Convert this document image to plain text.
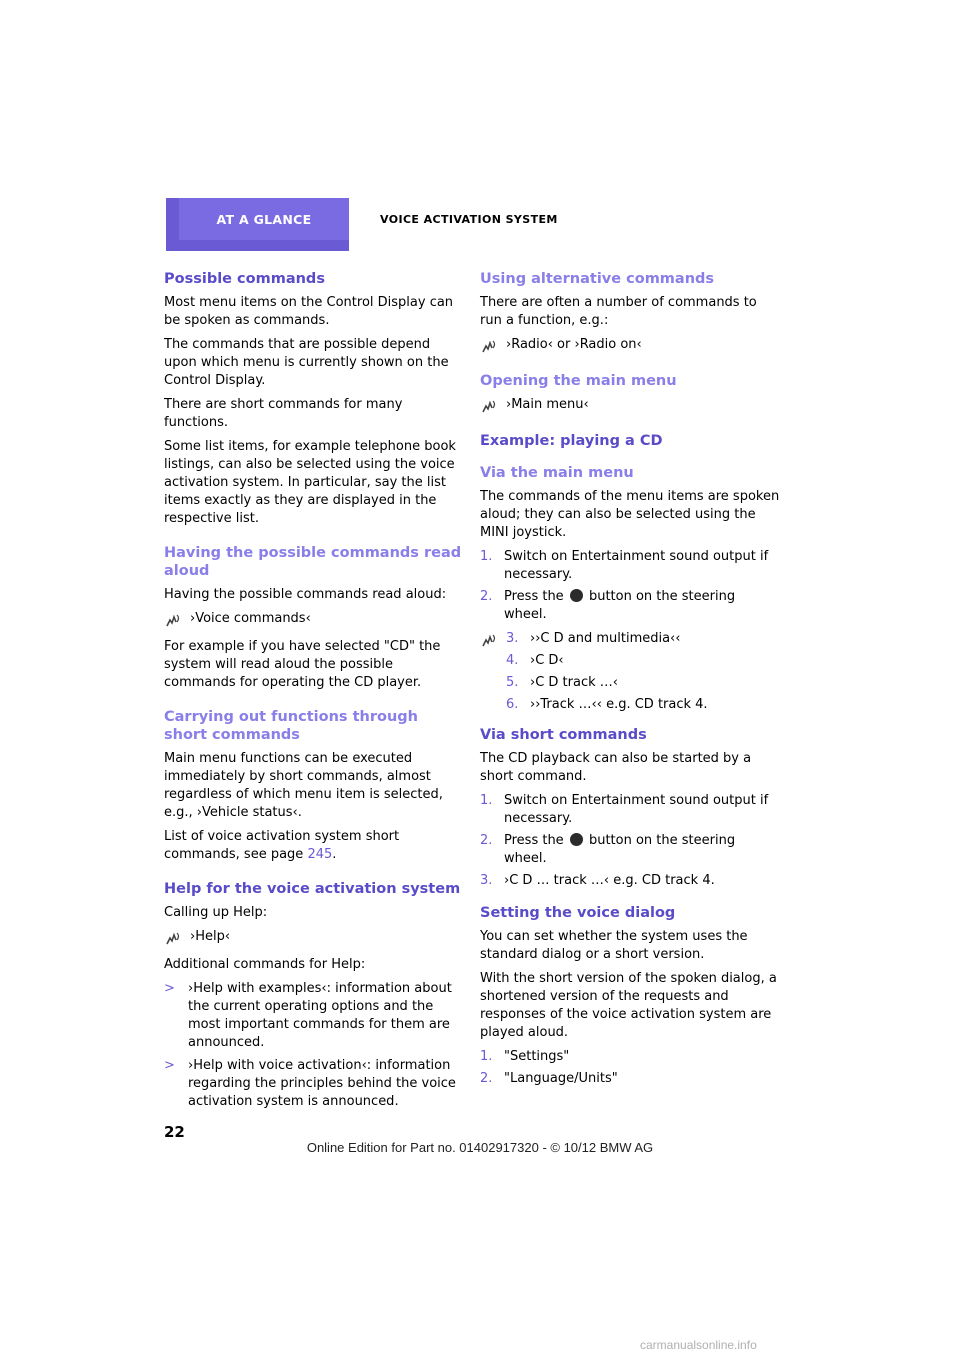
AT A GLANCE	VOICE ACTIVATION SYSTEM
Possible commands

Most menu items on the Control Display can be spoken as commands.

The commands that are possible depend upon which menu is currently shown on the Control Display.

There are short commands for many functions.

Some list items, for example telephone book listings, can also be selected using the voice activation system. In particular, say the list items exactly as they are displayed in the respective list.

Having the possible commands read aloud

Having the possible commands read aloud:

›Voice commands‹

For example if you have selected "CD" the system will read aloud the possible commands for operating the CD player.

Carrying out functions through short commands

Main menu functions can be executed immediately by short commands, almost regardless of which menu item is selected, e.g., ›Vehicle status‹.

List of voice activation system short commands, see page 245.

Help for the voice activation system

Calling up Help:

›Help‹

Additional commands for Help:

> ›Help with examples‹: information about the current operating options and the most important commands for them are announced.
> ›Help with voice activation‹: information regarding the principles behind the voice activation system is announced.
Using alternative commands

There are often a number of commands to run a function, e.g.:

›Radio‹ or ›Radio on‹
Opening the main menu
›Main menu‹
Example: playing a CD
Via the main menu

The commands of the menu items are spoken aloud; they can also be selected using the MINI joystick.

1. Switch on Entertainment sound output if necessary.
2. Press the button on the steering wheel.
3. ››C D and multimedia‹‹
4. ›C D‹
5. ›C D track …‹
6. ››Track …‹‹ e.g. CD track 4.
Via short commands

The CD playback can also be started by a short command.

1. Switch on Entertainment sound output if necessary.
2. Press the button on the steering wheel.
3. ›C D … track …‹ e.g. CD track 4.
Setting the voice dialog

You can set whether the system uses the standard dialog or a short version.

With the short version of the spoken dialog, a shortened version of the requests and responses of the voice activation system are played aloud.

1. "Settings"
2. "Language/Units"
22
Online Edition for Part no. 01402917320 - © 10/12 BMW AG
carmanualsonline.info
